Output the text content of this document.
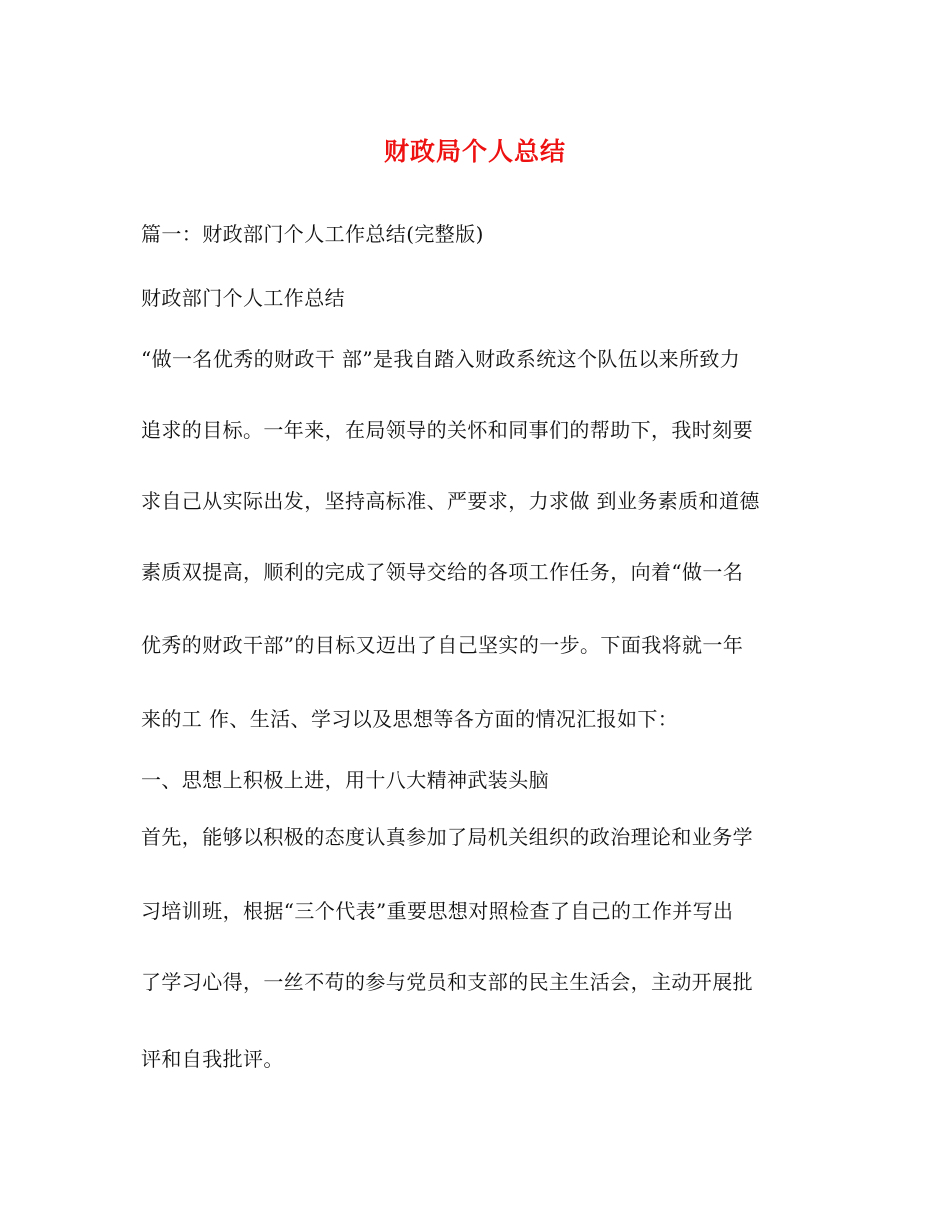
财政局个人总结
篇一：财政部门个人工作总结(完整版)
财政部门个人工作总结
“做一名优秀的财政干 部”是我自踏入财政系统这个队伍以来所致力
追求的目标。一年来，在局领导的关怀和同事们的帮助下，我时刻要
求自己从实际出发，坚持高标准、严要求，力求做 到业务素质和道德
素质双提高，顺利的完成了领导交给的各项工作任务，向着“做一名
优秀的财政干部”的目标又迈出了自己坚实的一步。下面我将就一年
来的工 作、生活、学习以及思想等各方面的情况汇报如下：
一、思想上积极上进，用十八大精神武装头脑
首先，能够以积极的态度认真参加了局机关组织的政治理论和业务学
习培训班，根据“三个代表”重要思想对照检查了自己的工作并写出
了学习心得，一丝不苟的参与党员和支部的民主生活会，主动开展批
评和自我批评。
